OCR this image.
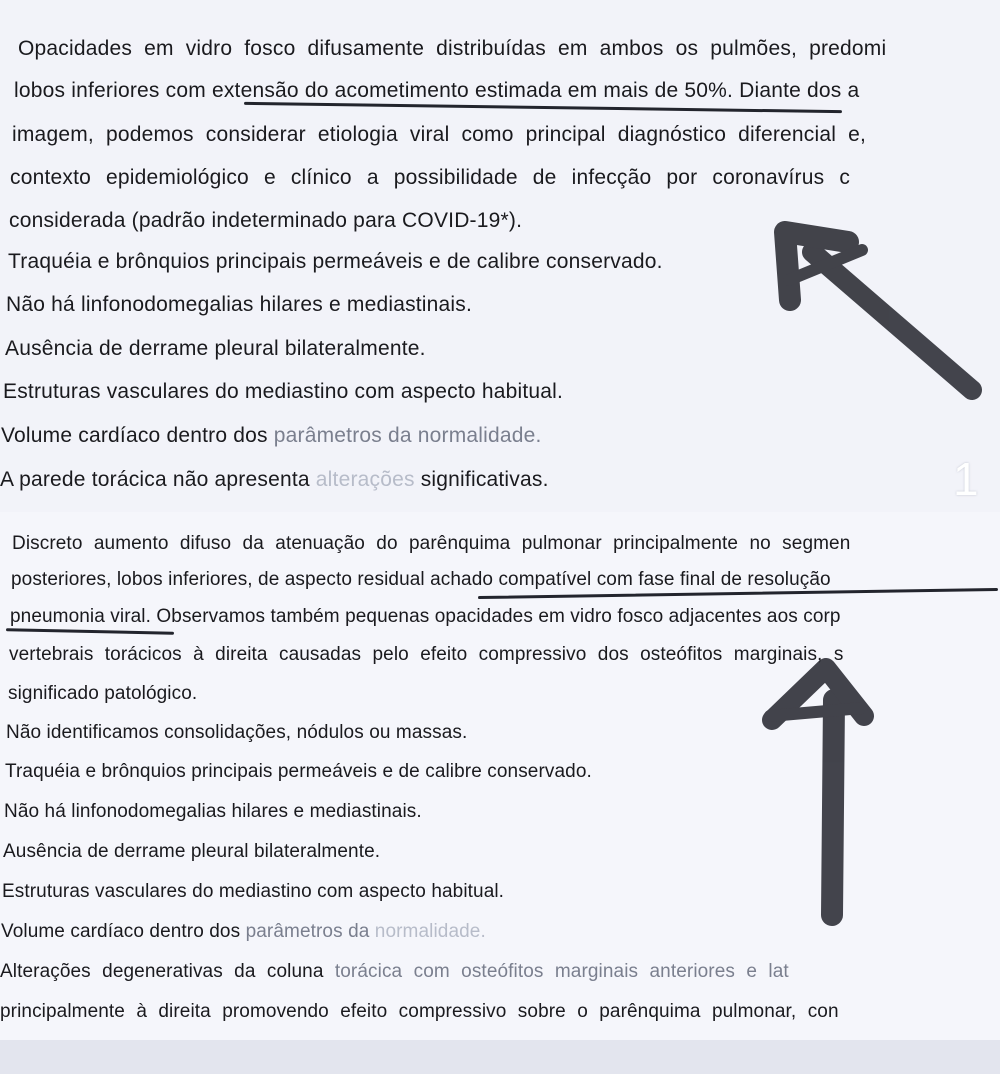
Opacidades em vidro fosco difusamente distribuídas em ambos os pulmões, predomi
lobos inferiores com extensão do acometimento estimada em mais de 50%. Diante dos a
imagem, podemos considerar etiologia viral como principal diagnóstico diferencial e,
contexto epidemiológico e clínico a possibilidade de infecção por coronavírus c
considerada (padrão indeterminado para COVID-19*).
Traquéia e brônquios principais permeáveis e de calibre conservado.
Não há linfonodomegalias hilares e mediastinais.
Ausência de derrame pleural bilateralmente.
Estruturas vasculares do mediastino com aspecto habitual.
Volume cardíaco dentro dos parâmetros da normalidade.
A parede torácica não apresenta alterações significativas.	1
Discreto aumento difuso da atenuação do parênquima pulmonar principalmente no segmen
posteriores, lobos inferiores, de aspecto residual achado compatível com fase final de resolução
pneumonia viral. Observamos também pequenas opacidades em vidro fosco adjacentes aos corp
vertebrais torácicos à direita causadas pelo efeito compressivo dos osteófitos marginais, s
significado patológico.
Não identificamos consolidações, nódulos ou massas.
Traquéia e brônquios principais permeáveis e de calibre conservado.
Não há linfonodomegalias hilares e mediastinais.
Ausência de derrame pleural bilateralmente.
Estruturas vasculares do mediastino com aspecto habitual.
Volume cardíaco dentro dos parâmetros da normalidade.
Alterações degenerativas da coluna torácica com osteófitos marginais anteriores e lat
principalmente à direita promovendo efeito compressivo sobre o parênquima pulmonar, con
